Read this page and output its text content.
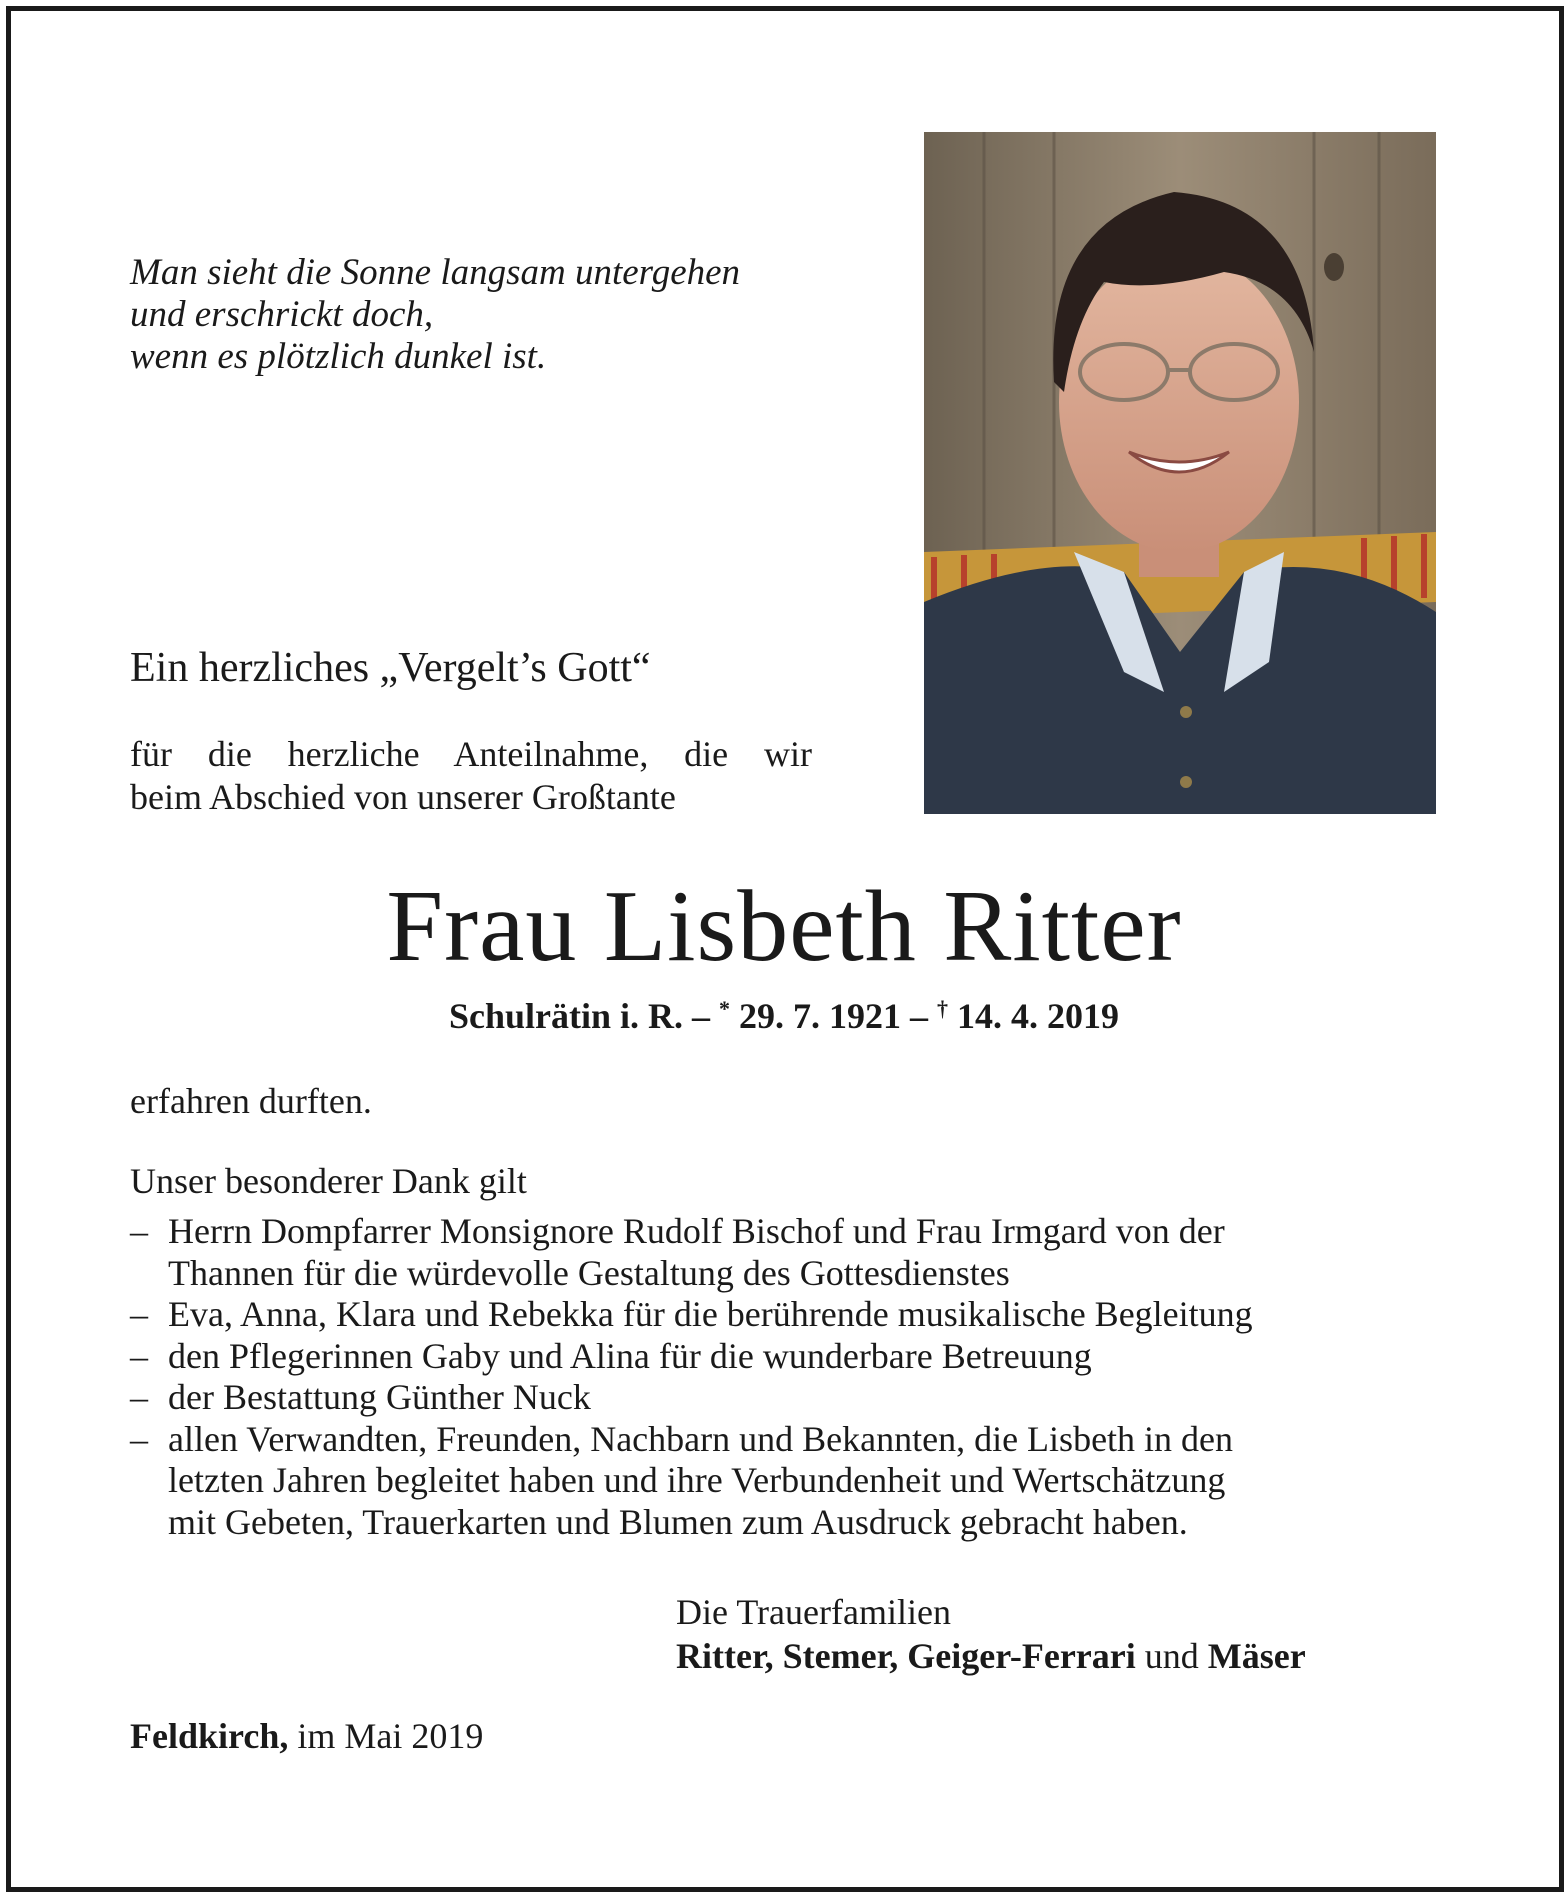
Man sieht die Sonne langsam untergehen
und erschrickt doch,
wenn es plötzlich dunkel ist.
Ein herzliches „Vergelt’s Gott“
für die herzliche Anteilnahme, die wir
beim Abschied von unserer Großtante
Frau Lisbeth Ritter
Schulrätin i. R. – * 29. 7. 1921 – † 14. 4. 2019
erfahren durften.
Unser besonderer Dank gilt
– Herrn Dompfarrer Monsignore Rudolf Bischof und Frau Irmgard von der
Thannen für die würdevolle Gestaltung des Gottesdienstes
– Eva, Anna, Klara und Rebekka für die berührende musikalische Begleitung
– den Pflegerinnen Gaby und Alina für die wunderbare Betreuung
– der Bestattung Günther Nuck
– allen Verwandten, Freunden, Nachbarn und Bekannten, die Lisbeth in den
letzten Jahren begleitet haben und ihre Verbundenheit und Wertschätzung
mit Gebeten, Trauerkarten und Blumen zum Ausdruck gebracht haben.
Die Trauerfamilien
Ritter, Stemer, Geiger-Ferrari und Mäser
Feldkirch, im Mai 2019
